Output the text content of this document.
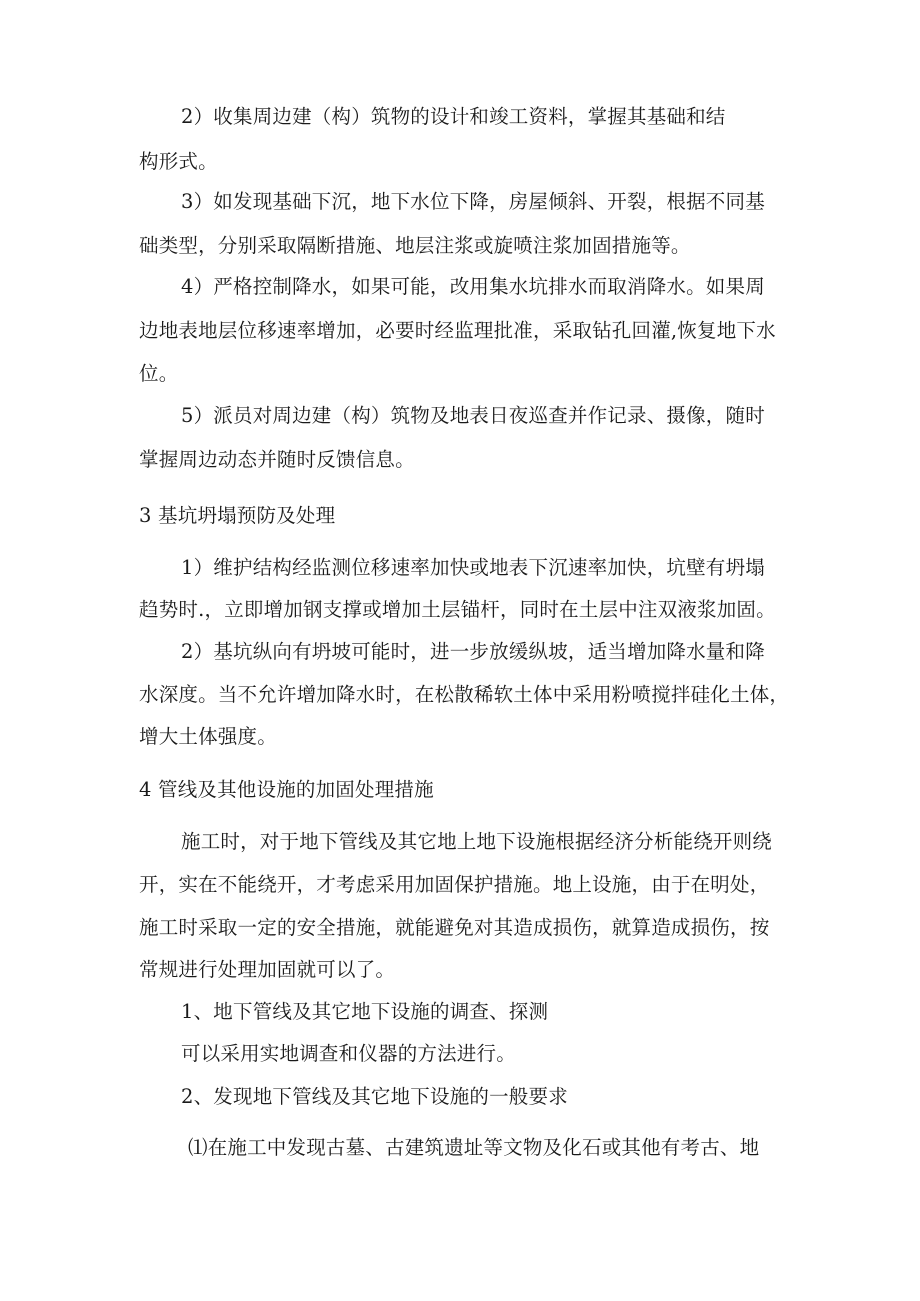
2）收集周边建（构）筑物的设计和竣工资料，掌握其基础和结
构形式。
3）如发现基础下沉，地下水位下降，房屋倾斜、开裂，根据不同基
础类型，分别采取隔断措施、地层注浆或旋喷注浆加固措施等。
4）严格控制降水，如果可能，改用集水坑排水而取消降水。如果周
边地表地层位移速率增加，必要时经监理批准，采取钻孔回灌,恢复地下水
位。
5）派员对周边建（构）筑物及地表日夜巡查并作记录、摄像，随时
掌握周边动态并随时反馈信息。
3 基坑坍塌预防及处理
1）维护结构经监测位移速率加快或地表下沉速率加快，坑壁有坍塌
趋势时.，立即增加钢支撑或增加土层锚杆，同时在土层中注双液浆加固。
2）基坑纵向有坍坡可能时，进一步放缓纵坡，适当增加降水量和降
水深度。当不允许增加降水时，在松散稀软土体中采用粉喷搅拌硅化土体，
增大土体强度。
4 管线及其他设施的加固处理措施
施工时，对于地下管线及其它地上地下设施根据经济分析能绕开则绕
开，实在不能绕开，才考虑采用加固保护措施。地上设施，由于在明处，
施工时采取一定的安全措施，就能避免对其造成损伤，就算造成损伤，按
常规进行处理加固就可以了。
1、地下管线及其它地下设施的调查、探测
可以采用实地调查和仪器的方法进行。
2、发现地下管线及其它地下设施的一般要求
⑴在施工中发现古墓、古建筑遗址等文物及化石或其他有考古、地
